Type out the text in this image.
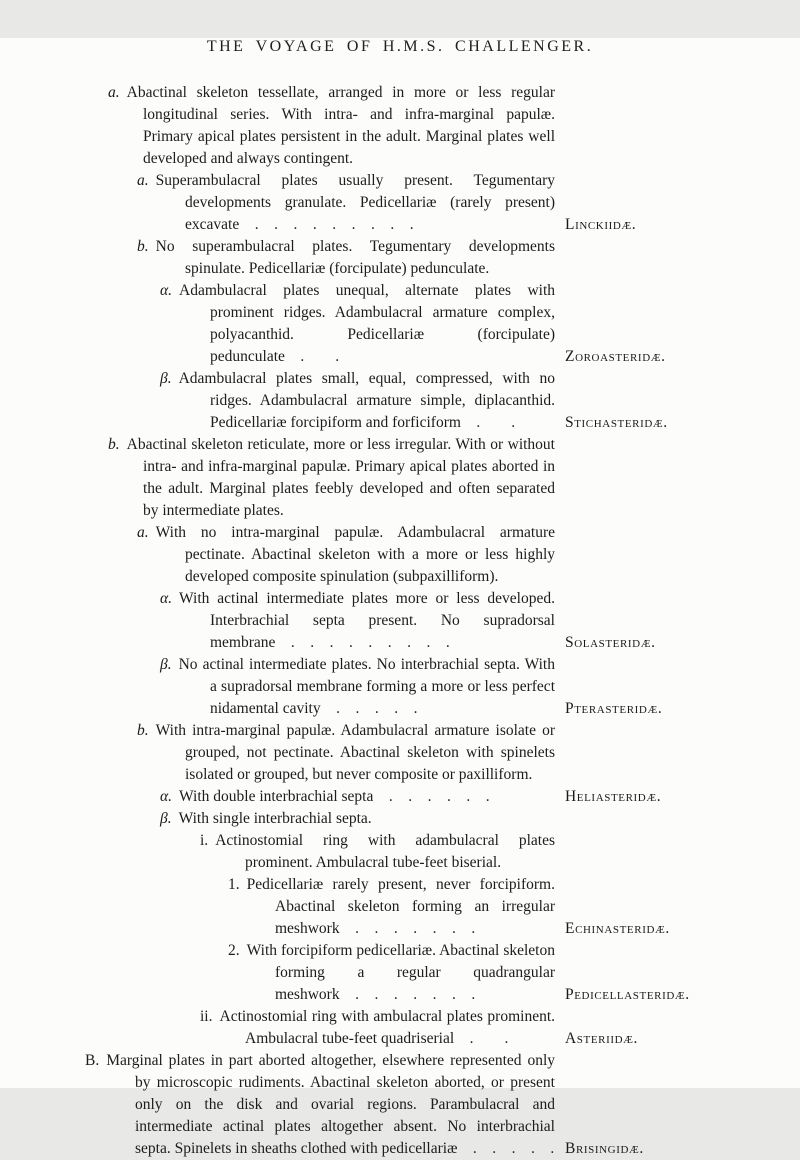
THE VOYAGE OF H.M.S. CHALLENGER.
a. Abactinal skeleton tessellate, arranged in more or less regular longitudinal series. With intra- and infra-marginal papulæ. Primary apical plates persistent in the adult. Marginal plates well developed and always contingent.
a. Superambulacral plates usually present. Tegumentary developments granulate. Pedicellariæ (rarely present) excavate . . . . . . . . .	Linckiidæ.
b. No superambulacral plates. Tegumentary developments spinulate. Pedicellariæ (forcipulate) pedunculate.
α. Adambulacral plates unequal, alternate plates with prominent ridges. Adambulacral armature complex, polyacanthid. Pedicellariæ (forcipulate) pedunculate .  .	Zoroasteridæ.
β. Adambulacral plates small, equal, compressed, with no ridges. Adambulacral armature simple, diplacanthid. Pedicellariæ forcipiform and forficiform .  .	Stichasteridæ.
b. Abactinal skeleton reticulate, more or less irregular. With or without intra- and infra-marginal papulæ. Primary apical plates aborted in the adult. Marginal plates feebly developed and often separated by intermediate plates.
a. With no intra-marginal papulæ. Adambulacral armature pectinate. Abactinal skeleton with a more or less highly developed composite spinulation (subpaxilliform).
α. With actinal intermediate plates more or less developed. Interbrachial septa present. No supradorsal membrane . . . . . . . . .	Solasteridæ.
β. No actinal intermediate plates. No interbrachial septa. With a supradorsal membrane forming a more or less perfect nidamental cavity . . . . .	Pterasteridæ.
b. With intra-marginal papulæ. Adambulacral armature isolate or grouped, not pectinate. Abactinal skeleton with spinelets isolated or grouped, but never composite or paxilliform.
α. With double interbrachial septa . . . . . .	Heliasteridæ.
β. With single interbrachial septa.
i. Actinostomial ring with adambulacral plates prominent. Ambulacral tube-feet biserial.
1. Pedicellariæ rarely present, never forcipiform. Abactinal skeleton forming an irregular meshwork . . . . . . .	Echinasteridæ.
2. With forcipiform pedicellariæ. Abactinal skeleton forming a regular quadrangular meshwork . . . . . . .	Pedicellasteridæ.
ii. Actinostomial ring with ambulacral plates prominent. Ambulacral tube-feet quadriserial .  .	Asteriidæ.
B. Marginal plates in part aborted altogether, elsewhere represented only by microscopic rudiments. Abactinal skeleton aborted, or present only on the disk and ovarial regions. Parambulacral and intermediate actinal plates altogether absent. No interbrachial septa. Spinelets in sheaths clothed with pedicellariæ . . . . . Brisingidæ.
